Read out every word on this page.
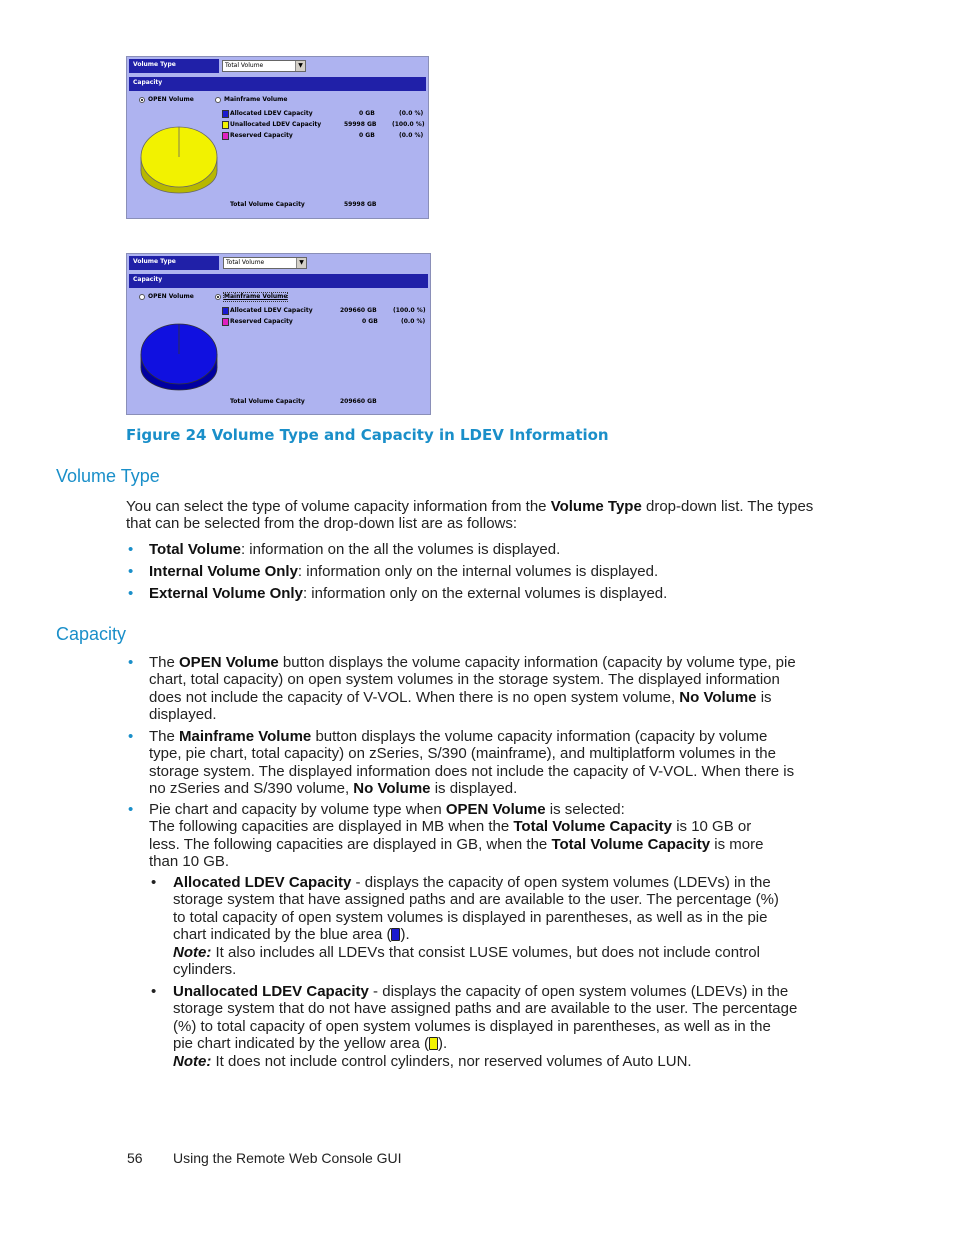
Volume Type	Total Volume	▼
Capacity
OPEN Volume	Mainframe Volume
Allocated LDEV Capacity	0 GB	(0.0 %)
Unallocated LDEV Capacity	59998 GB	(100.0 %)
Reserved Capacity	0 GB	(0.0 %)
Total Volume Capacity	59998 GB
Volume Type	Total Volume	▼
Capacity
OPEN Volume	Mainframe Volume
Allocated LDEV Capacity	209660 GB	(100.0 %)
Reserved Capacity	0 GB	(0.0 %)
Total Volume Capacity	209660 GB
Figure 24 Volume Type and Capacity in LDEV Information
Volume Type
You can select the type of volume capacity information from the Volume Type drop-down list. The types
that can be selected from the drop-down list are as follows:
• Total Volume: information on the all the volumes is displayed.
• Internal Volume Only: information only on the internal volumes is displayed.
• External Volume Only: information only on the external volumes is displayed.
Capacity
• The OPEN Volume button displays the volume capacity information (capacity by volume type, pie
chart, total capacity) on open system volumes in the storage system. The displayed information
does not include the capacity of V-VOL. When there is no open system volume, No Volume is
displayed.
• The Mainframe Volume button displays the volume capacity information (capacity by volume
type, pie chart, total capacity) on zSeries, S/390 (mainframe), and multiplatform volumes in the
storage system. The displayed information does not include the capacity of V-VOL. When there is
no zSeries and S/390 volume, No Volume is displayed.
• Pie chart and capacity by volume type when OPEN Volume is selected:
The following capacities are displayed in MB when the Total Volume Capacity is 10 GB or
less. The following capacities are displayed in GB, when the Total Volume Capacity is more
than 10 GB.
• Allocated LDEV Capacity - displays the capacity of open system volumes (LDEVs) in the
storage system that have assigned paths and are available to the user. The percentage (%)
to total capacity of open system volumes is displayed in parentheses, as well as in the pie
chart indicated by the blue area ( ).
Note: It also includes all LDEVs that consist LUSE volumes, but does not include control
cylinders.
• Unallocated LDEV Capacity - displays the capacity of open system volumes (LDEVs) in the
storage system that do not have assigned paths and are available to the user. The percentage
(%) to total capacity of open system volumes is displayed in parentheses, as well as in the
pie chart indicated by the yellow area ( ).
Note: It does not include control cylinders, nor reserved volumes of Auto LUN.
56 Using the Remote Web Console GUI
